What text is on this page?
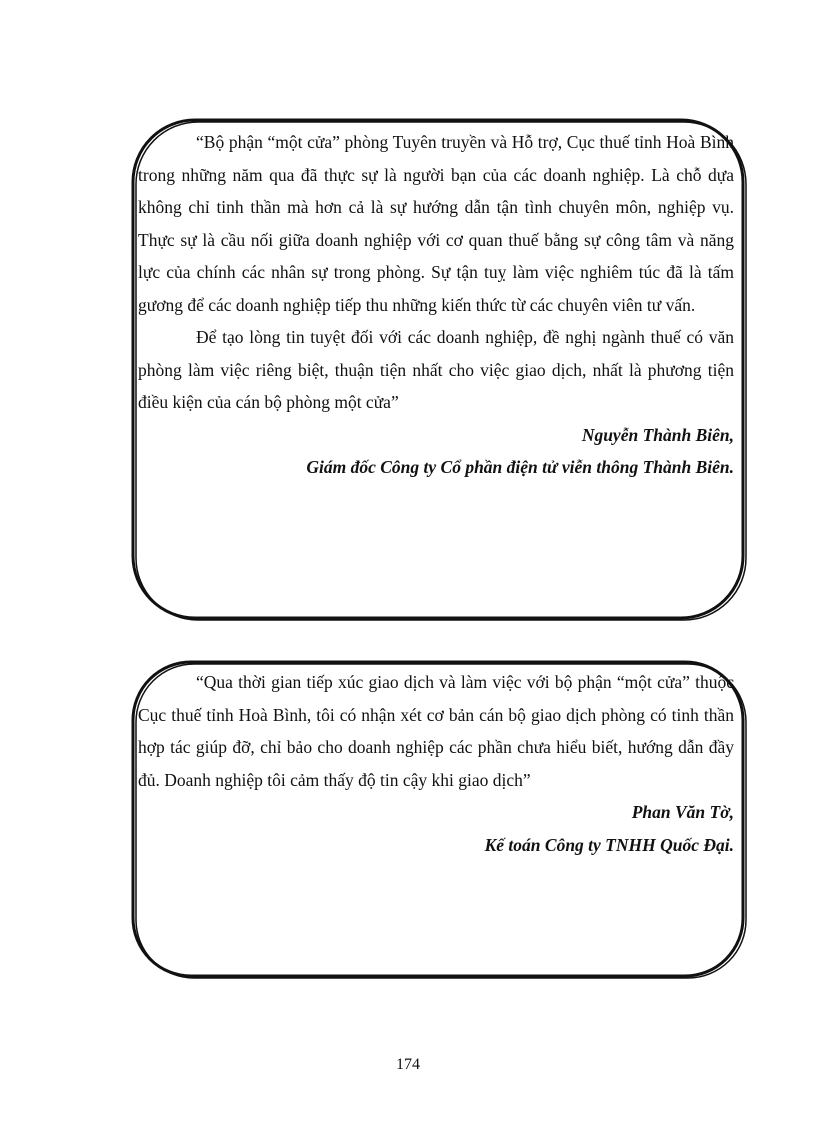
“Bộ phận “một cửa” phòng Tuyên truyền và Hỗ trợ, Cục thuế tỉnh Hoà Bình trong những năm qua đã thực sự là người bạn của các doanh nghiệp. Là chỗ dựa không chỉ tinh thần mà hơn cả là sự hướng dẫn tận tình chuyên môn, nghiệp vụ. Thực sự là cầu nối giữa doanh nghiệp với cơ quan thuế bằng sự công tâm và năng lực của chính các nhân sự trong phòng. Sự tận tuỵ làm việc nghiêm túc đã là tấm gương để các doanh nghiệp tiếp thu những kiến thức từ các chuyên viên tư vấn.

Để tạo lòng tin tuyệt đối với các doanh nghiệp, đề nghị ngành thuế có văn phòng làm việc riêng biệt, thuận tiện nhất cho việc giao dịch, nhất là phương tiện điều kiện của cán bộ phòng một cửa”

Nguyễn Thành Biên,

Giám đốc Công ty Cổ phần điện tử viễn thông Thành Biên.

“Qua thời gian tiếp xúc giao dịch và làm việc với bộ phận “một cửa” thuộc Cục thuế tỉnh Hoà Bình, tôi có nhận xét cơ bản cán bộ giao dịch phòng có tinh thần hợp tác giúp đỡ, chỉ bảo cho doanh nghiệp các phần chưa hiểu biết, hướng dẫn đầy đủ. Doanh nghiệp tôi cảm thấy độ tin cậy khi giao dịch”

Phan Văn Tờ,

Kế toán Công ty TNHH Quốc Đại.

174
